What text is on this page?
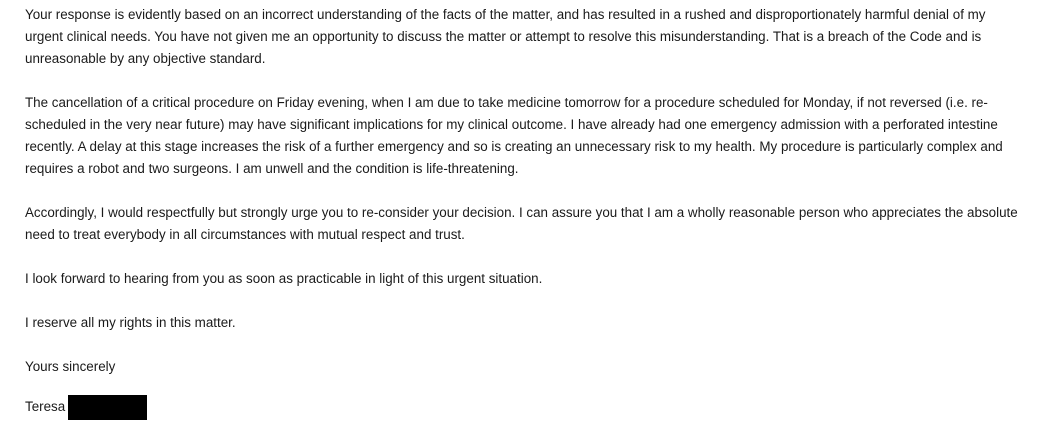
Your response is evidently based on an incorrect understanding of the facts of the matter, and has resulted in a rushed and disproportionately harmful denial of my urgent clinical needs. You have not given me an opportunity to discuss the matter or attempt to resolve this misunderstanding. That is a breach of the Code and is unreasonable by any objective standard.

The cancellation of a critical procedure on Friday evening, when I am due to take medicine tomorrow for a procedure scheduled for Monday, if not reversed (i.e. re-scheduled in the very near future) may have significant implications for my clinical outcome. I have already had one emergency admission with a perforated intestine recently. A delay at this stage increases the risk of a further emergency and so is creating an unnecessary risk to my health. My procedure is particularly complex and requires a robot and two surgeons. I am unwell and the condition is life-threatening.

Accordingly, I would respectfully but strongly urge you to re-consider your decision. I can assure you that I am a wholly reasonable person who appreciates the absolute need to treat everybody in all circumstances with mutual respect and trust.

I look forward to hearing from you as soon as practicable in light of this urgent situation.

I reserve all my rights in this matter.

Yours sincerely

Teresa
